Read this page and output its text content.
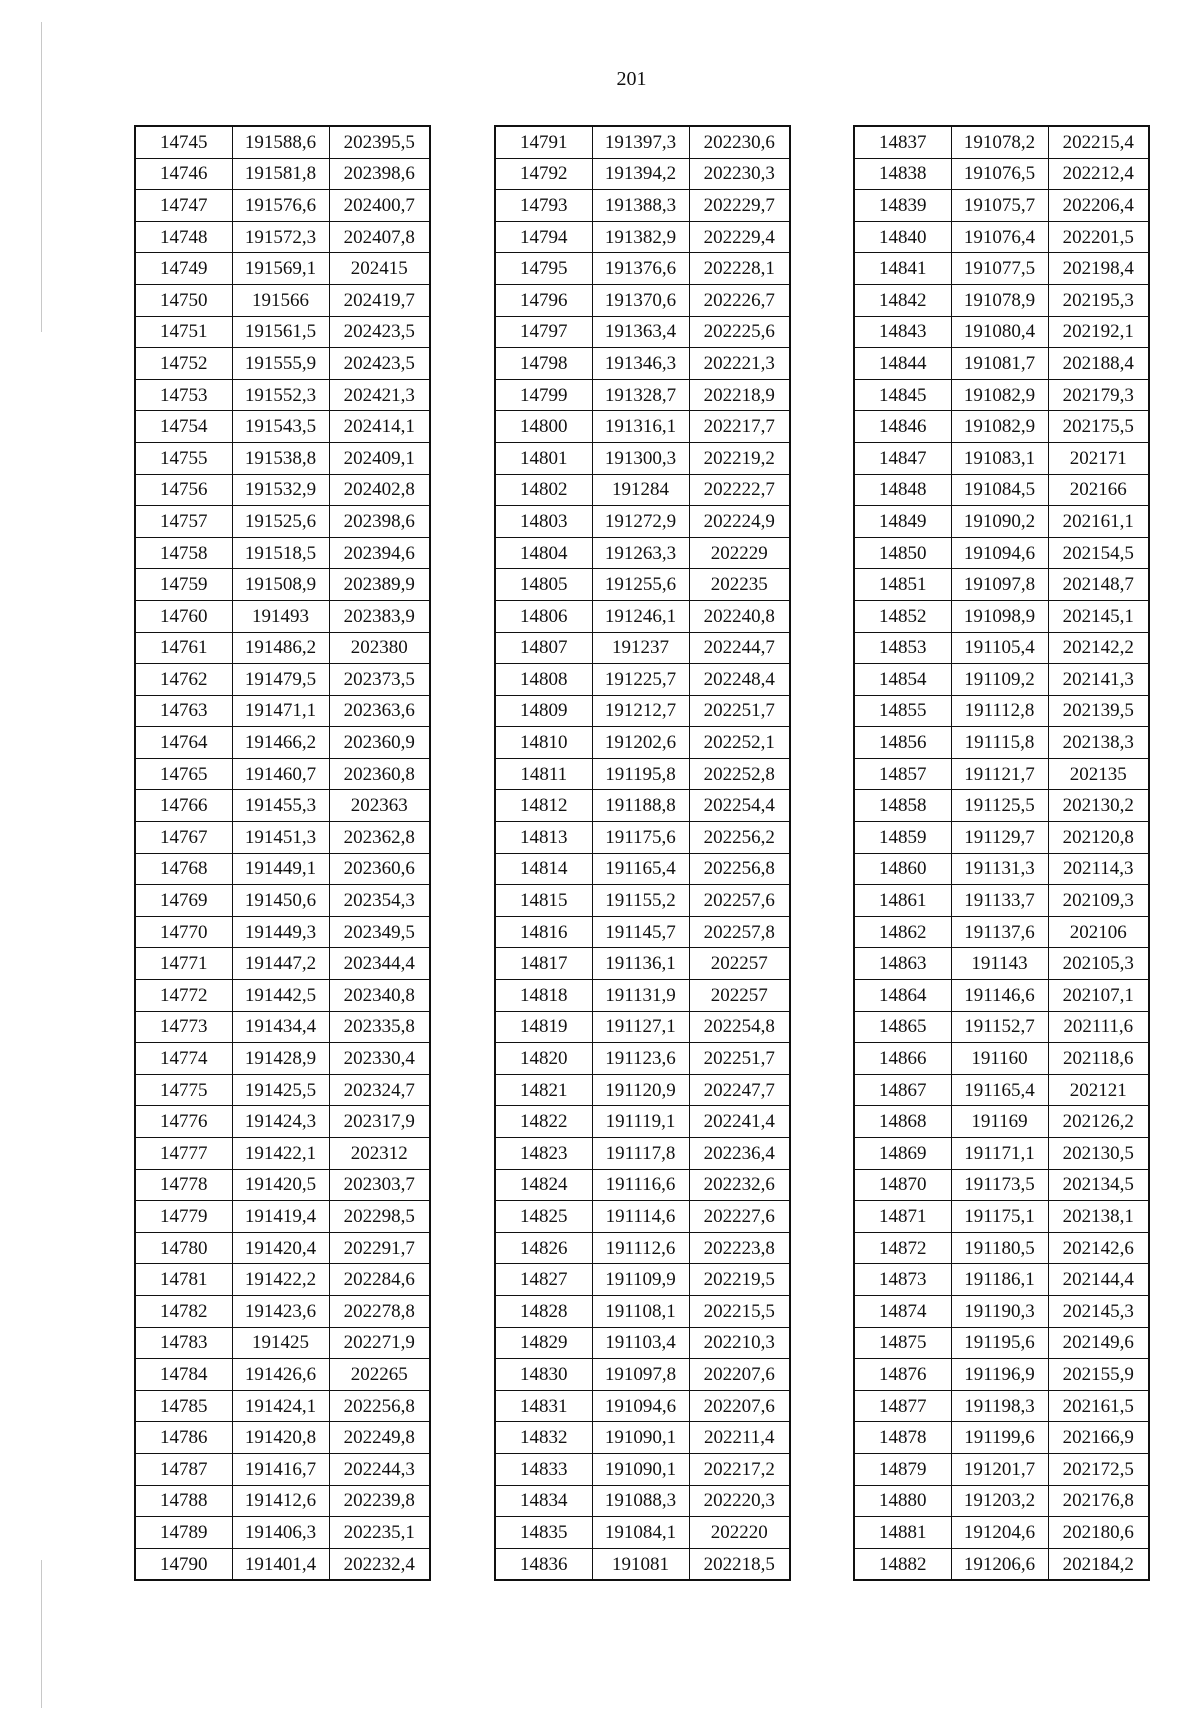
201
14745	191588,6	202395,5
14746	191581,8	202398,6
14747	191576,6	202400,7
14748	191572,3	202407,8
14749	191569,1	202415
14750	191566	202419,7
14751	191561,5	202423,5
14752	191555,9	202423,5
14753	191552,3	202421,3
14754	191543,5	202414,1
14755	191538,8	202409,1
14756	191532,9	202402,8
14757	191525,6	202398,6
14758	191518,5	202394,6
14759	191508,9	202389,9
14760	191493	202383,9
14761	191486,2	202380
14762	191479,5	202373,5
14763	191471,1	202363,6
14764	191466,2	202360,9
14765	191460,7	202360,8
14766	191455,3	202363
14767	191451,3	202362,8
14768	191449,1	202360,6
14769	191450,6	202354,3
14770	191449,3	202349,5
14771	191447,2	202344,4
14772	191442,5	202340,8
14773	191434,4	202335,8
14774	191428,9	202330,4
14775	191425,5	202324,7
14776	191424,3	202317,9
14777	191422,1	202312
14778	191420,5	202303,7
14779	191419,4	202298,5
14780	191420,4	202291,7
14781	191422,2	202284,6
14782	191423,6	202278,8
14783	191425	202271,9
14784	191426,6	202265
14785	191424,1	202256,8
14786	191420,8	202249,8
14787	191416,7	202244,3
14788	191412,6	202239,8
14789	191406,3	202235,1
14790	191401,4	202232,4
14791	191397,3	202230,6
14792	191394,2	202230,3
14793	191388,3	202229,7
14794	191382,9	202229,4
14795	191376,6	202228,1
14796	191370,6	202226,7
14797	191363,4	202225,6
14798	191346,3	202221,3
14799	191328,7	202218,9
14800	191316,1	202217,7
14801	191300,3	202219,2
14802	191284	202222,7
14803	191272,9	202224,9
14804	191263,3	202229
14805	191255,6	202235
14806	191246,1	202240,8
14807	191237	202244,7
14808	191225,7	202248,4
14809	191212,7	202251,7
14810	191202,6	202252,1
14811	191195,8	202252,8
14812	191188,8	202254,4
14813	191175,6	202256,2
14814	191165,4	202256,8
14815	191155,2	202257,6
14816	191145,7	202257,8
14817	191136,1	202257
14818	191131,9	202257
14819	191127,1	202254,8
14820	191123,6	202251,7
14821	191120,9	202247,7
14822	191119,1	202241,4
14823	191117,8	202236,4
14824	191116,6	202232,6
14825	191114,6	202227,6
14826	191112,6	202223,8
14827	191109,9	202219,5
14828	191108,1	202215,5
14829	191103,4	202210,3
14830	191097,8	202207,6
14831	191094,6	202207,6
14832	191090,1	202211,4
14833	191090,1	202217,2
14834	191088,3	202220,3
14835	191084,1	202220
14836	191081	202218,5
14837	191078,2	202215,4
14838	191076,5	202212,4
14839	191075,7	202206,4
14840	191076,4	202201,5
14841	191077,5	202198,4
14842	191078,9	202195,3
14843	191080,4	202192,1
14844	191081,7	202188,4
14845	191082,9	202179,3
14846	191082,9	202175,5
14847	191083,1	202171
14848	191084,5	202166
14849	191090,2	202161,1
14850	191094,6	202154,5
14851	191097,8	202148,7
14852	191098,9	202145,1
14853	191105,4	202142,2
14854	191109,2	202141,3
14855	191112,8	202139,5
14856	191115,8	202138,3
14857	191121,7	202135
14858	191125,5	202130,2
14859	191129,7	202120,8
14860	191131,3	202114,3
14861	191133,7	202109,3
14862	191137,6	202106
14863	191143	202105,3
14864	191146,6	202107,1
14865	191152,7	202111,6
14866	191160	202118,6
14867	191165,4	202121
14868	191169	202126,2
14869	191171,1	202130,5
14870	191173,5	202134,5
14871	191175,1	202138,1
14872	191180,5	202142,6
14873	191186,1	202144,4
14874	191190,3	202145,3
14875	191195,6	202149,6
14876	191196,9	202155,9
14877	191198,3	202161,5
14878	191199,6	202166,9
14879	191201,7	202172,5
14880	191203,2	202176,8
14881	191204,6	202180,6
14882	191206,6	202184,2
